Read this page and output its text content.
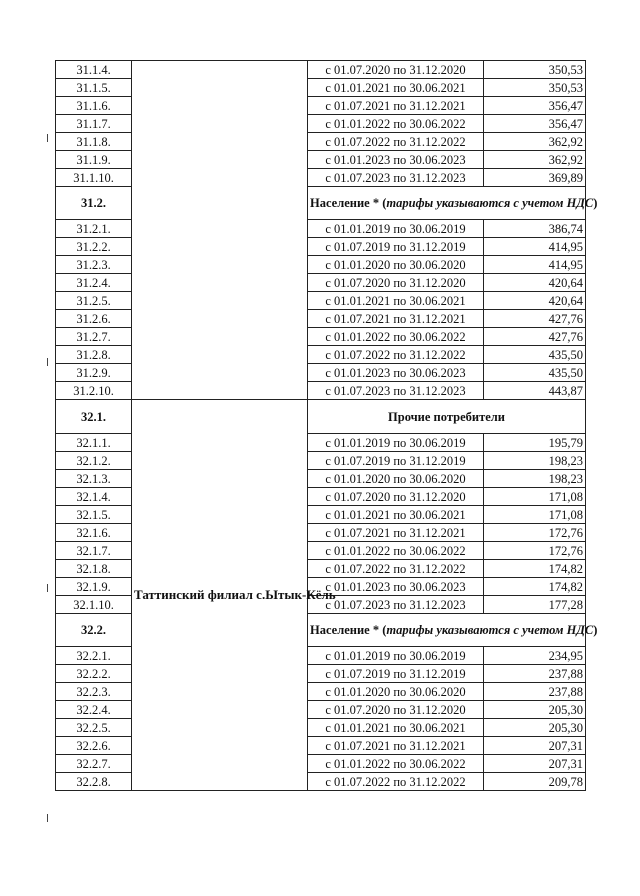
31.1.4.		с 01.07.2020 по 31.12.2020	350,53
31.1.5.		с 01.01.2021 по 30.06.2021	350,53
31.1.6.		с 01.07.2021 по 31.12.2021	356,47
31.1.7.		с 01.01.2022 по 30.06.2022	356,47
31.1.8.		с 01.07.2022 по 31.12.2022	362,92
31.1.9.		с 01.01.2023 по 30.06.2023	362,92
31.1.10.		с 01.07.2023 по 31.12.2023	369,89
31.2.		Население * (тарифы указываются с учетом НДС)	
31.2.1.		с 01.01.2019 по 30.06.2019	386,74
31.2.2.		с 01.07.2019 по 31.12.2019	414,95
31.2.3.		с 01.01.2020 по 30.06.2020	414,95
31.2.4.		с 01.07.2020 по 31.12.2020	420,64
31.2.5.		с 01.01.2021 по 30.06.2021	420,64
31.2.6.		с 01.07.2021 по 31.12.2021	427,76
31.2.7.		с 01.01.2022 по 30.06.2022	427,76
31.2.8.		с 01.07.2022 по 31.12.2022	435,50
31.2.9.		с 01.01.2023 по 30.06.2023	435,50
31.2.10.		с 01.07.2023 по 31.12.2023	443,87
32.1.	Таттинский филиал с.Ытык-Кёль	Прочие потребители	
32.1.1.		с 01.01.2019 по 30.06.2019	195,79
32.1.2.		с 01.07.2019 по 31.12.2019	198,23
32.1.3.		с 01.01.2020 по 30.06.2020	198,23
32.1.4.		с 01.07.2020 по 31.12.2020	171,08
32.1.5.		с 01.01.2021 по 30.06.2021	171,08
32.1.6.		с 01.07.2021 по 31.12.2021	172,76
32.1.7.		с 01.01.2022 по 30.06.2022	172,76
32.1.8.		с 01.07.2022 по 31.12.2022	174,82
32.1.9.		с 01.01.2023 по 30.06.2023	174,82
32.1.10.		с 01.07.2023 по 31.12.2023	177,28
32.2.		Население * (тарифы указываются с учетом НДС)	
32.2.1.		с 01.01.2019 по 30.06.2019	234,95
32.2.2.		с 01.07.2019 по 31.12.2019	237,88
32.2.3.		с 01.01.2020 по 30.06.2020	237,88
32.2.4.		с 01.07.2020 по 31.12.2020	205,30
32.2.5.		с 01.01.2021 по 30.06.2021	205,30
32.2.6.		с 01.07.2021 по 31.12.2021	207,31
32.2.7.		с 01.01.2022 по 30.06.2022	207,31
32.2.8.		с 01.07.2022 по 31.12.2022	209,78
